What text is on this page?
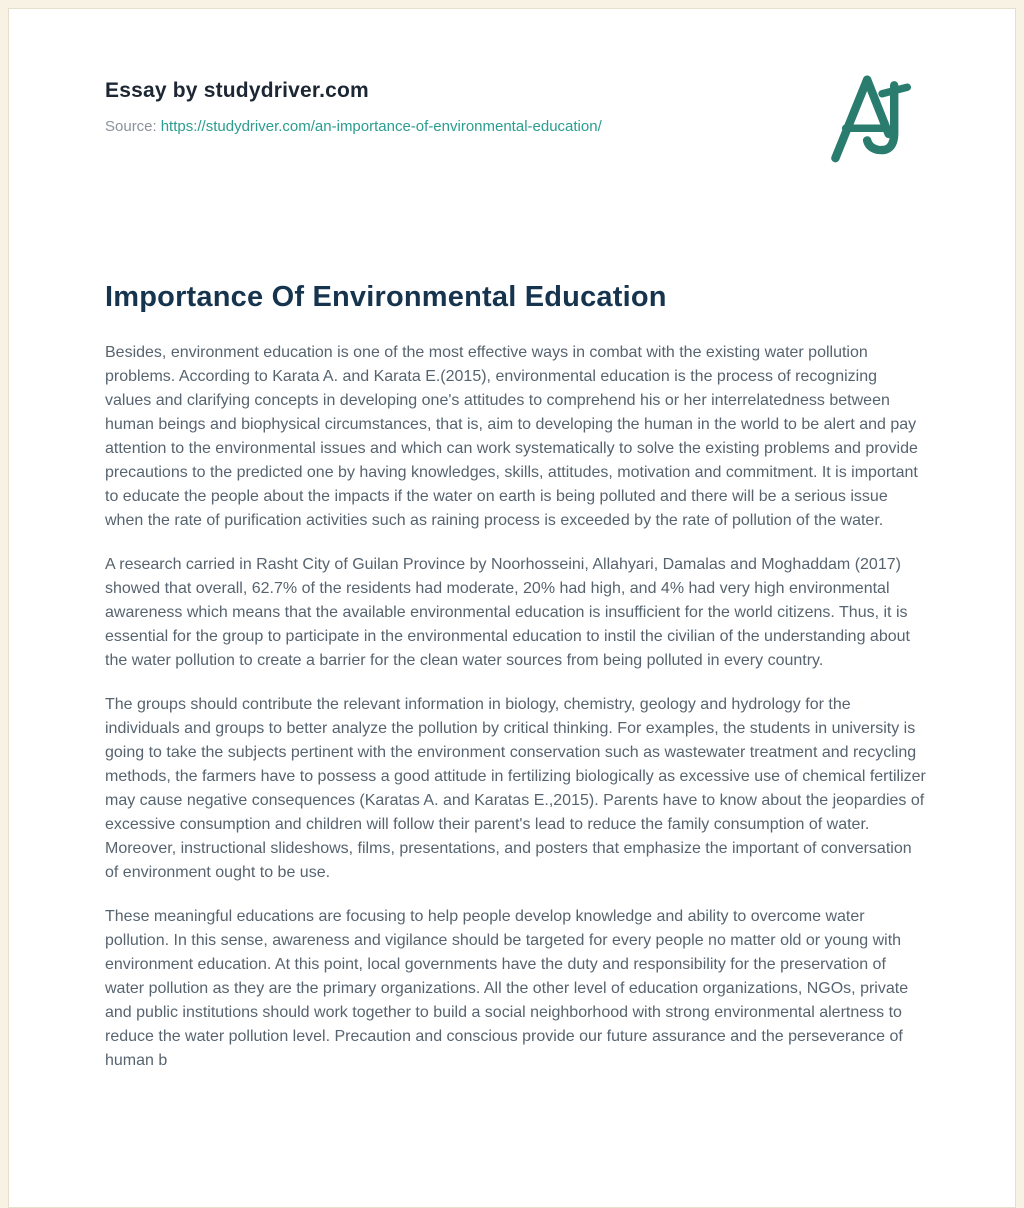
Essay by studydriver.com

Source: https://studydriver.com/an-importance-of-environmental-education/

Importance Of Environmental Education

Besides, environment education is one of the most effective ways in combat with the existing water pollution problems. According to Karata A. and Karata E.(2015), environmental education is the process of recognizing values and clarifying concepts in developing one's attitudes to comprehend his or her interrelatedness between human beings and biophysical circumstances, that is, aim to developing the human in the world to be alert and pay attention to the environmental issues and which can work systematically to solve the existing problems and provide precautions to the predicted one by having knowledges, skills, attitudes, motivation and commitment. It is important to educate the people about the impacts if the water on earth is being polluted and there will be a serious issue when the rate of purification activities such as raining process is exceeded by the rate of pollution of the water.

A research carried in Rasht City of Guilan Province by Noorhosseini, Allahyari, Damalas and Moghaddam (2017) showed that overall, 62.7% of the residents had moderate, 20% had high, and 4% had very high environmental awareness which means that the available environmental education is insufficient for the world citizens. Thus, it is essential for the group to participate in the environmental education to instil the civilian of the understanding about the water pollution to create a barrier for the clean water sources from being polluted in every country.

The groups should contribute the relevant information in biology, chemistry, geology and hydrology for the individuals and groups to better analyze the pollution by critical thinking. For examples, the students in university is going to take the subjects pertinent with the environment conservation such as wastewater treatment and recycling methods, the farmers have to possess a good attitude in fertilizing biologically as excessive use of chemical fertilizer may cause negative consequences (Karatas A. and Karatas E.,2015). Parents have to know about the jeopardies of excessive consumption and children will follow their parent's lead to reduce the family consumption of water. Moreover, instructional slideshows, films, presentations, and posters that emphasize the important of conversation of environment ought to be use.

These meaningful educations are focusing to help people develop knowledge and ability to overcome water pollution. In this sense, awareness and vigilance should be targeted for every people no matter old or young with environment education. At this point, local governments have the duty and responsibility for the preservation of water pollution as they are the primary organizations. All the other level of education organizations, NGOs, private and public institutions should work together to build a social neighborhood with strong environmental alertness to reduce the water pollution level. Precaution and conscious provide our future assurance and the perseverance of human b
